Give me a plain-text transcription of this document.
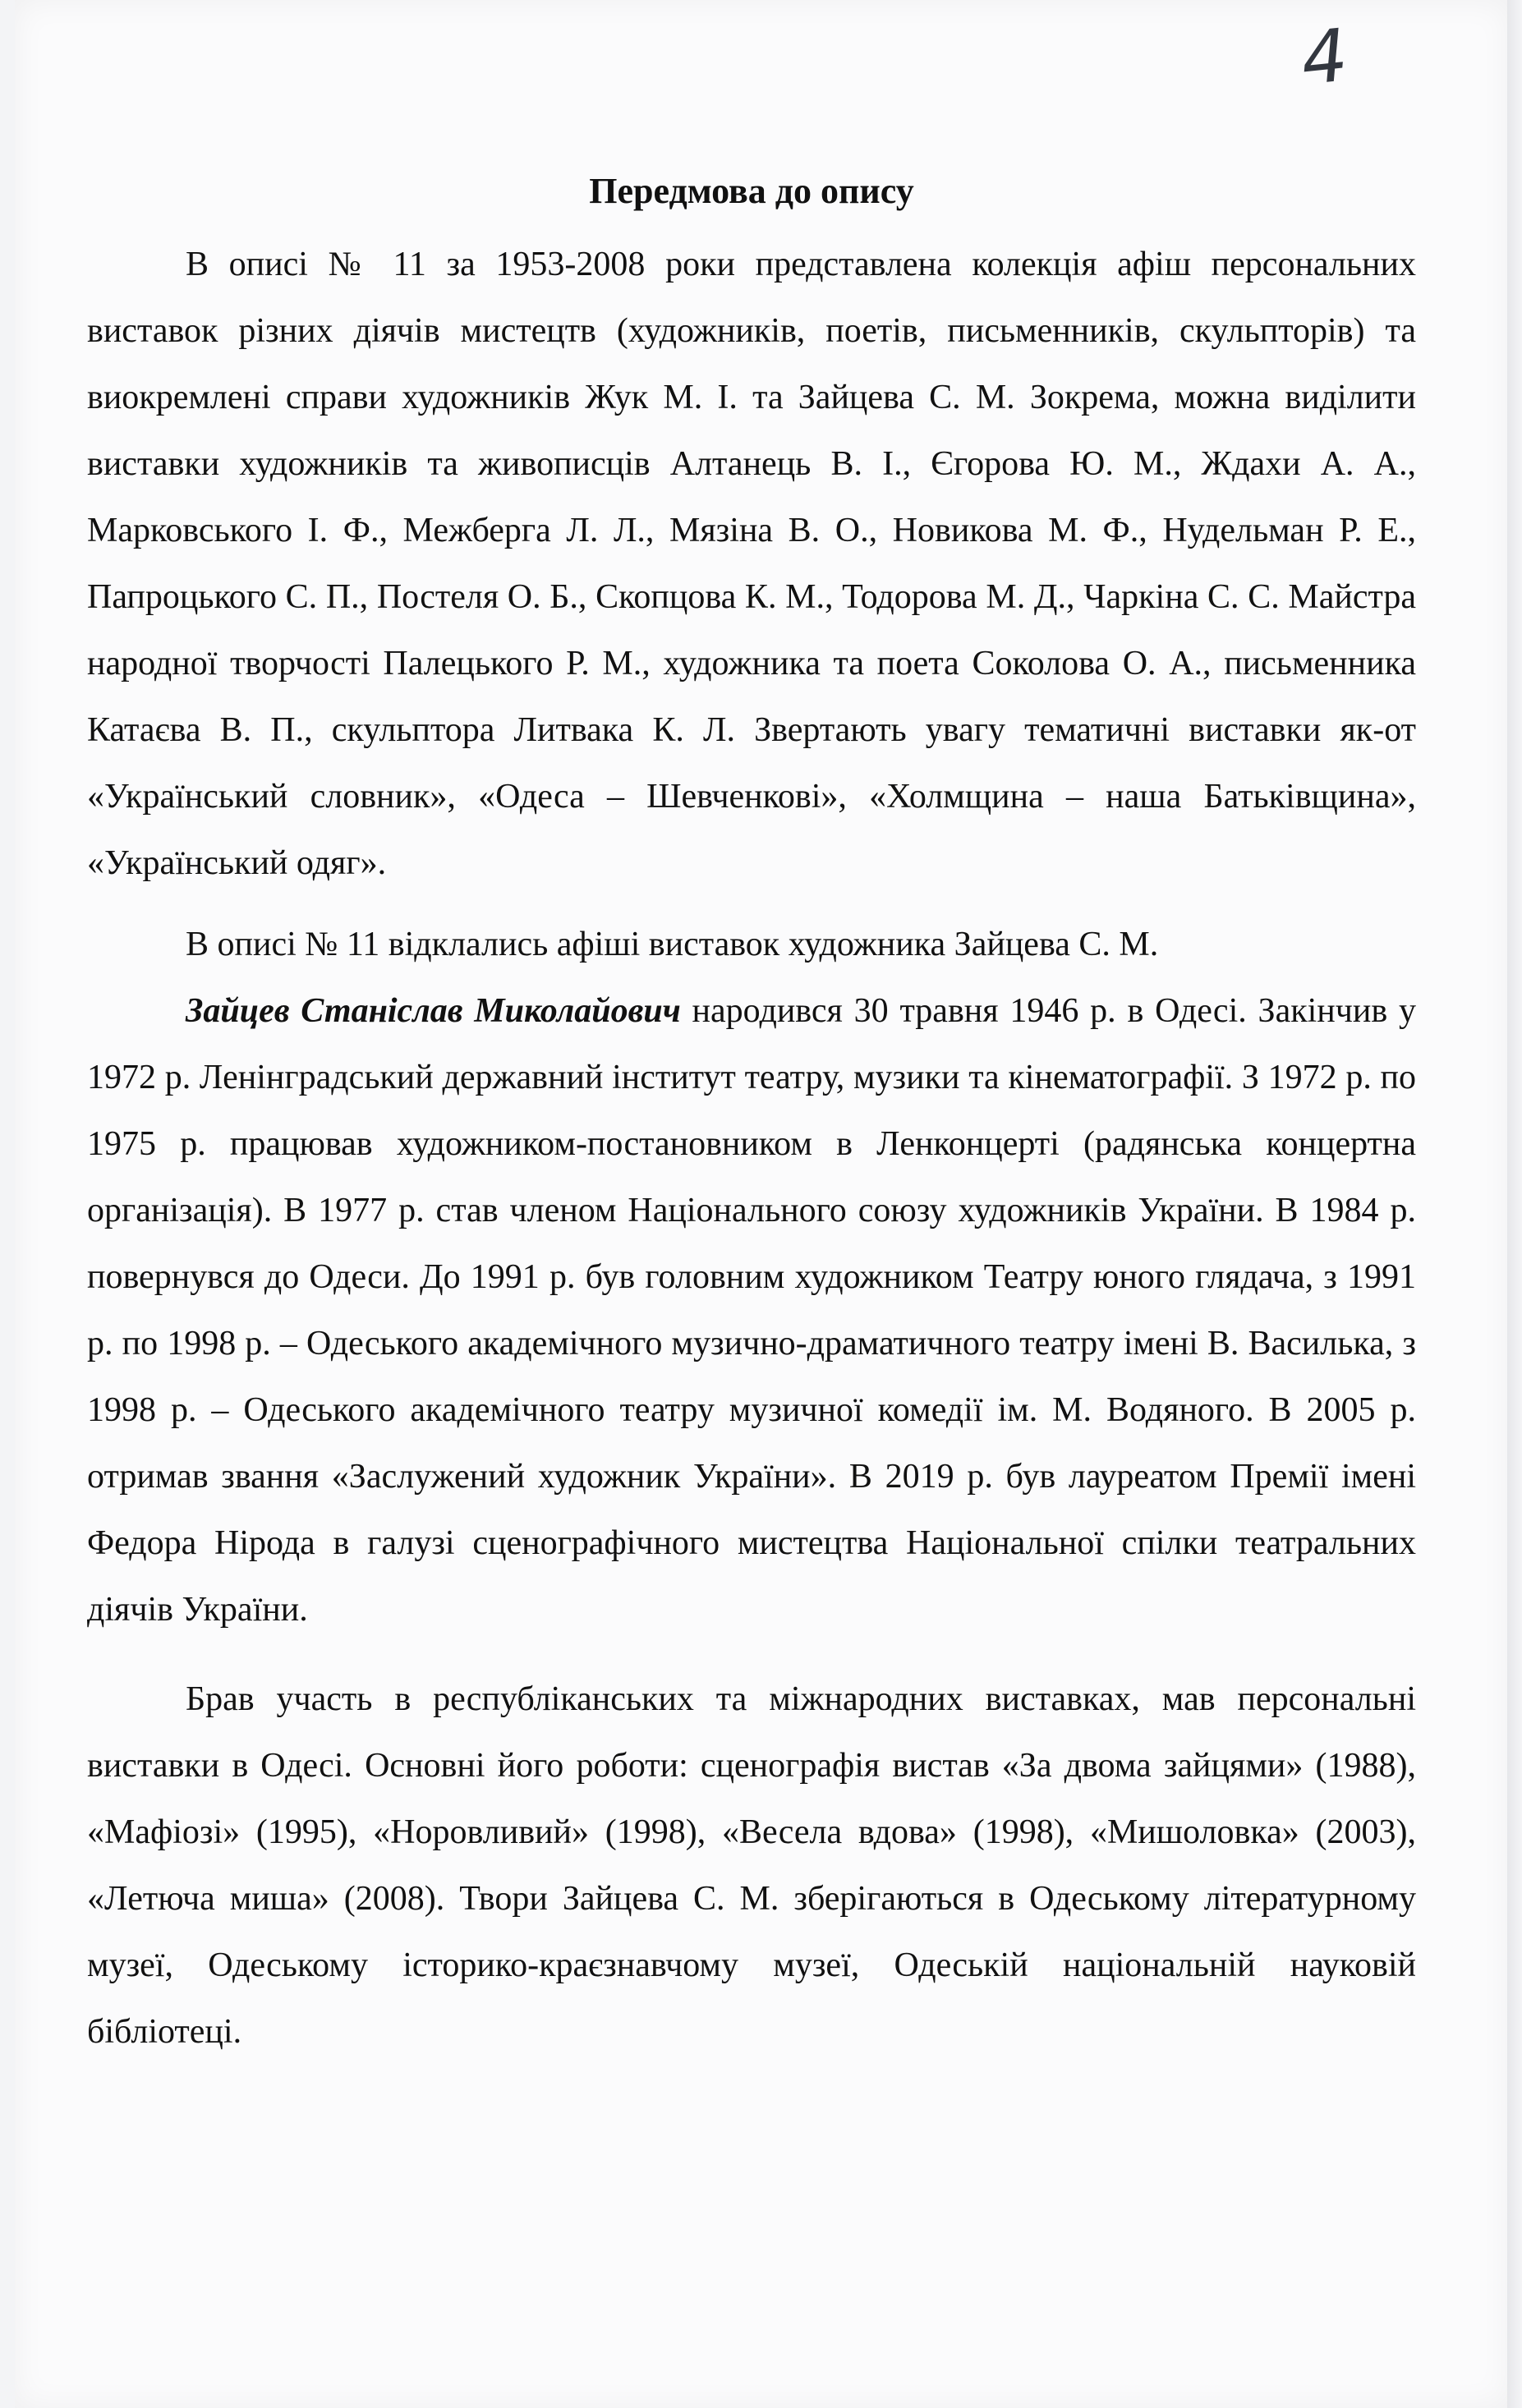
4
Передмова до опису

В описі № 11 за 1953-2008 роки представлена колекція афіш персональних виставок різних діячів мистецтв (художників, поетів, письменників, скульпторів) та виокремлені справи художників Жук М. І. та Зайцева С. М. Зокрема, можна виділити виставки художників та живописців Алтанець В. І., Єгорова Ю. М., Ждахи А. А., Марковського І. Ф., Межберга Л. Л., Мязіна В. О., Новикова М. Ф., Нудельман Р. Е., Папроцького С. П., Постеля О. Б., Скопцова К. М., Тодорова М. Д., Чаркіна С. С. Майстра народної творчості Палецького Р. М., художника та поета Соколова О. А., письменника Катаєва В. П., скульптора Литвака К. Л. Звертають увагу тематичні виставки як-от «Український словник», «Одеса – Шевченкові», «Холмщина – наша Батьківщина», «Український одяг».

В описі № 11 відклались афіші виставок художника Зайцева С. М.

Зайцев Станіслав Миколайович народився 30 травня 1946 р. в Одесі. Закінчив у 1972 р. Ленінградський державний інститут театру, музики та кінематографії. З 1972 р. по 1975 р. працював художником-постановником в Ленконцерті (радянська концертна організація). В 1977 р. став членом Національного союзу художників України. В 1984 р. повернувся до Одеси. До 1991 р. був головним художником Театру юного глядача, з 1991 р. по 1998 р. – Одеського академічного музично-драматичного театру імені В. Василька, з 1998 р. – Одеського академічного театру музичної комедії ім. М. Водяного. В 2005 р. отримав звання «Заслужений художник України». В 2019 р. був лауреатом Премії імені Федора Нірода в галузі сценографічного мистецтва Національної спілки театральних діячів України.

Брав участь в республіканських та міжнародних виставках, мав персональні виставки в Одесі. Основні його роботи: сценографія вистав «За двома зайцями» (1988), «Мафіозі» (1995), «Норовливий» (1998), «Весела вдова» (1998), «Мишоловка» (2003), «Летюча миша» (2008). Твори Зайцева С. М. зберігаються в Одеському літературному музеї, Одеському історико-краєзнавчому музеї, Одеській національній науковій бібліотеці.
